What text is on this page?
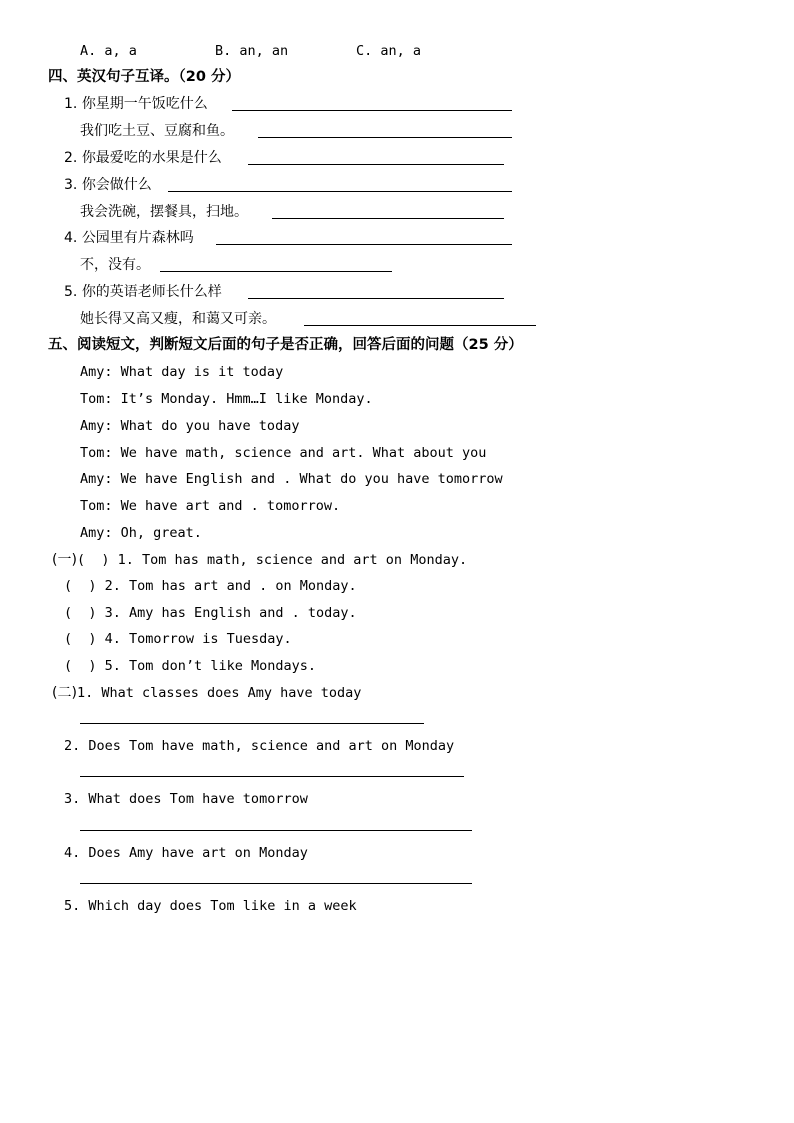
A. a, a	B. an, an	C. an, a
四、英汉句子互译。（20 分）
1. 你星期一午饭吃什么
我们吃土豆、豆腐和鱼。
2. 你最爱吃的水果是什么
3. 你会做什么
我会洗碗，摆餐具，扫地。
4. 公园里有片森林吗
不，没有。
5. 你的英语老师长什么样
她长得又高又瘦，和蔼又可亲。
五、阅读短文，判断短文后面的句子是否正确，回答后面的问题（25 分）
Amy: What day is it today
Tom: It’s Monday. Hmm…I like Monday.
Amy: What do you have today
Tom: We have math, science and art. What about you
Amy: We have English and . What do you have tomorrow
Tom: We have art and . tomorrow.
Amy: Oh, great.
(一)(  ) 1. Tom has math, science and art on Monday.
(  ) 2. Tom has art and . on Monday.
(  ) 3. Amy has English and . today.
(  ) 4. Tomorrow is Tuesday.
(  ) 5. Tom don’t like Mondays.
(二)1. What classes does Amy have today
2. Does Tom have math, science and art on Monday
3. What does Tom have tomorrow
4. Does Amy have art on Monday
5. Which day does Tom like in a week
